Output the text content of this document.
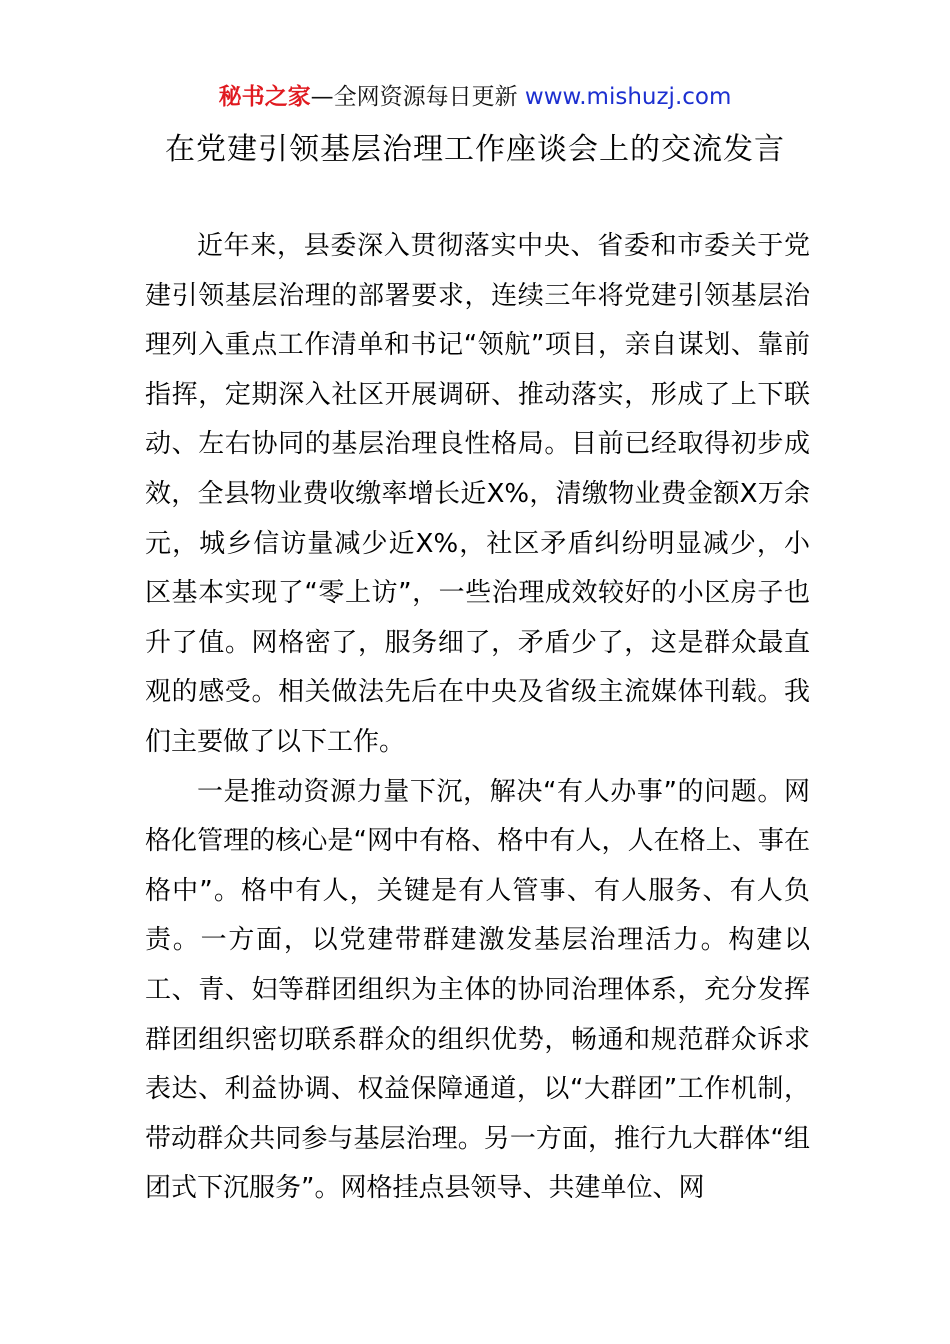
秘书之家—全网资源每日更新 www.mishuzj.com
在党建引领基层治理工作座谈会上的交流发言

近年来，县委深入贯彻落实中央、省委和市委关于党建引领基层治理的部署要求，连续三年将党建引领基层治理列入重点工作清单和书记“领航”项目，亲自谋划、靠前指挥，定期深入社区开展调研、推动落实，形成了上下联动、左右协同的基层治理良性格局。目前已经取得初步成效，全县物业费收缴率增长近X%，清缴物业费金额X万余元，城乡信访量减少近X%，社区矛盾纠纷明显减少，小区基本实现了“零上访”，一些治理成效较好的小区房子也升了值。网格密了，服务细了，矛盾少了，这是群众最直观的感受。相关做法先后在中央及省级主流媒体刊载。我们主要做了以下工作。

一是推动资源力量下沉，解决“有人办事”的问题。网格化管理的核心是“网中有格、格中有人，人在格上、事在格中”。格中有人，关键是有人管事、有人服务、有人负责。一方面，以党建带群建激发基层治理活力。构建以工、青、妇等群团组织为主体的协同治理体系，充分发挥群团组织密切联系群众的组织优势，畅通和规范群众诉求表达、利益协调、权益保障通道，以“大群团”工作机制，带动群众共同参与基层治理。另一方面，推行九大群体“组团式下沉服务”。网格挂点县领导、共建单位、网
